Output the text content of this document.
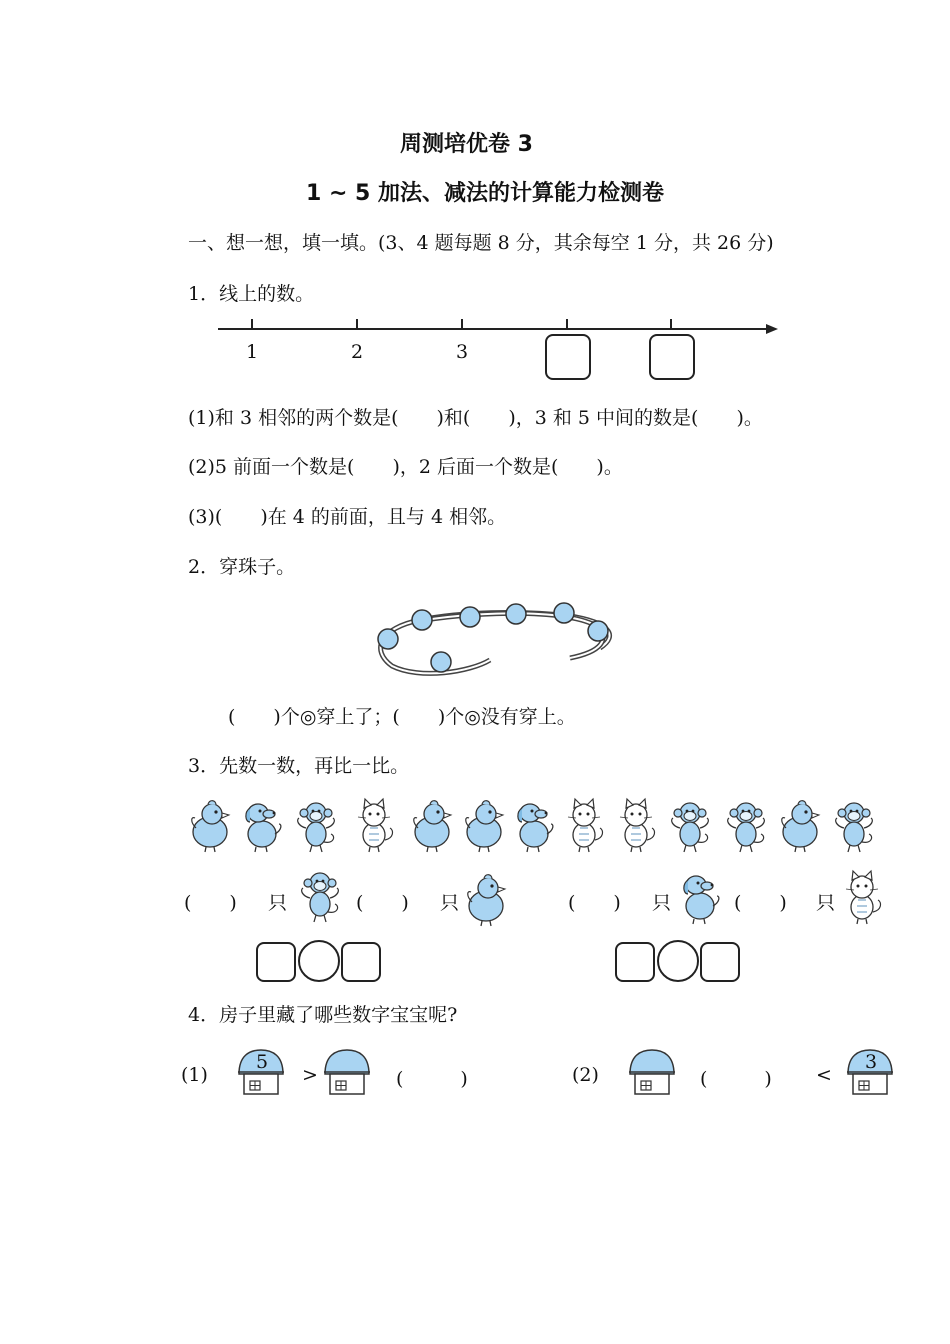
周测培优卷 3
1 ~ 5 加法、减法的计算能力检测卷
一、想一想，填一填。(3、4 题每题 8 分，其余每空 1 分，共 26 分)
1．线上的数。
1	2	3
(1)和 3 相邻的两个数是(　　)和(　　)，3 和 5 中间的数是(　　)。
(2)5 前面一个数是(　　)，2 后面一个数是(　　)。
(3)(　　)在 4 的前面，且与 4 相邻。
2．穿珠子。
(　　)个◎穿上了；(　　)个◎没有穿上。
3．先数一数，再比一比。
(　　) 只	(　　) 只	(　　) 只	(　　) 只
4．房子里藏了哪些数字宝宝呢?
(1)
5
>	(　　　)	(2)	(　　　) <
3
